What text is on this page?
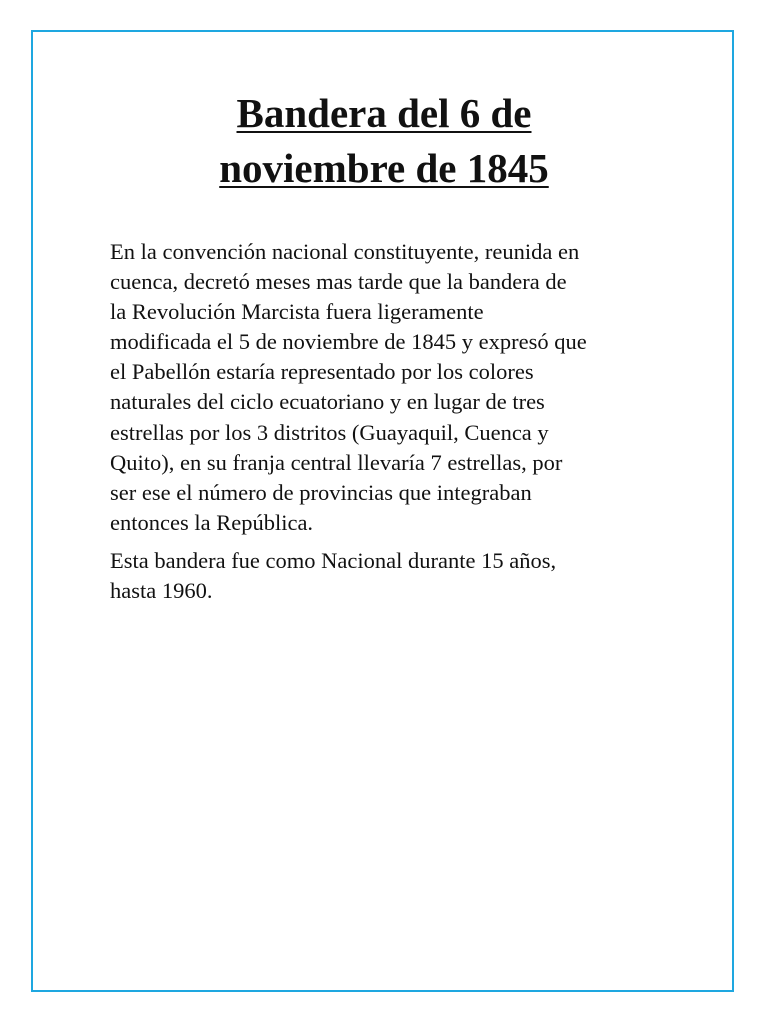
Bandera del 6 de
noviembre de 1845

En la convención nacional constituyente, reunida en
cuenca, decretó meses mas tarde que la bandera de
la Revolución Marcista fuera ligeramente
modificada el 5 de noviembre de 1845 y expresó que
el Pabellón estaría representado por los colores
naturales del ciclo ecuatoriano y en lugar de tres
estrellas por los 3 distritos (Guayaquil, Cuenca y
Quito), en su franja central llevaría 7 estrellas, por
ser ese el número de provincias que integraban
entonces la República.

Esta bandera fue como Nacional durante 15 años,
hasta 1960.
